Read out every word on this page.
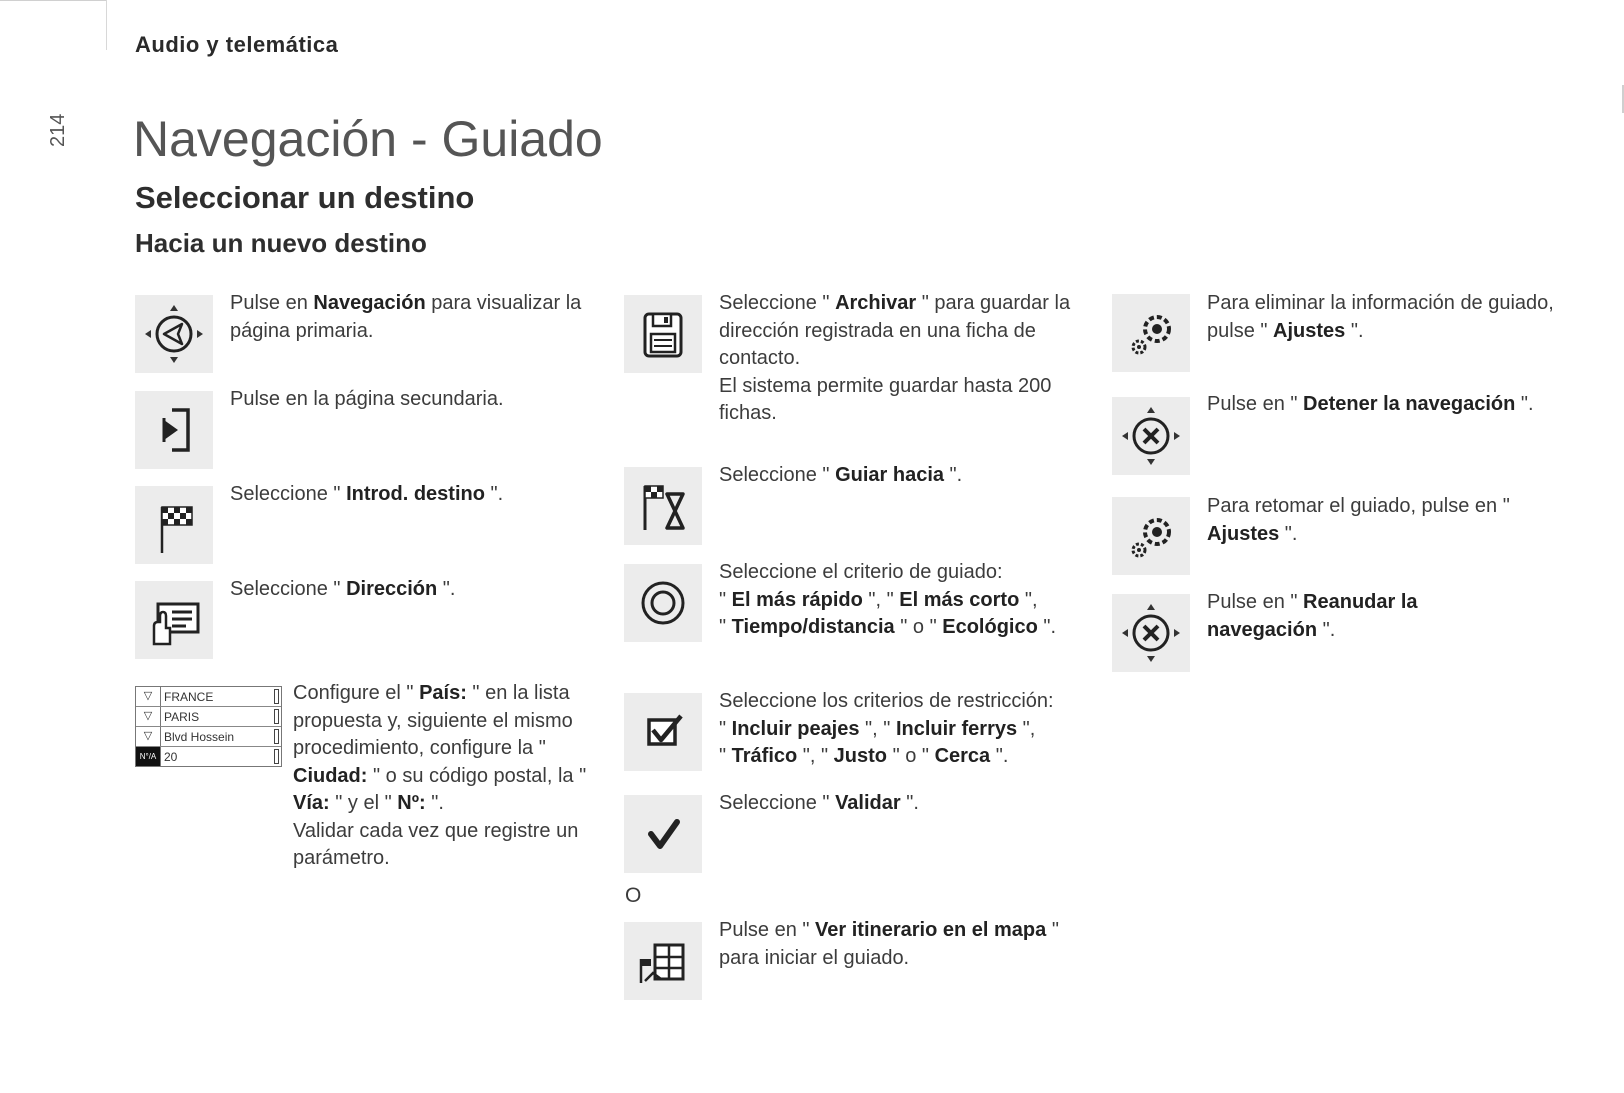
Audio y telemática
214	Navegación - Guiado
Seleccionar un destino
Hacia un nuevo destino
Pulse en Navegación para visualizar la página primaria.
Pulse en la página secundaria.
Seleccione " Introd. destino ".
Seleccione " Dirección ".
▽ FRANCE
▽ PARIS
▽ Blvd Hossein
N°/A 20
Configure el " País: " en la lista propuesta y, siguiente el mismo procedimiento, configure la " Ciudad: " o su código postal, la " Vía: " y el " Nº: ".
Validar cada vez que registre un parámetro.
Seleccione " Archivar " para guardar la dirección registrada en una ficha de contacto.
El sistema permite guardar hasta 200 fichas.
Seleccione " Guiar hacia ".
Seleccione el criterio de guiado:
" El más rápido ", " El más corto ",
" Tiempo/distancia " o " Ecológico ".
Seleccione los criterios de restricción:
" Incluir peajes ", " Incluir ferrys ",
" Tráfico ", " Justo " o " Cerca ".
Seleccione " Validar ".
O
Pulse en " Ver itinerario en el mapa " para iniciar el guiado.
Para eliminar la información de guiado, pulse " Ajustes ".
Pulse en " Detener la navegación ".
Para retomar el guiado, pulse en " Ajustes ".
Pulse en " Reanudar la navegación ".
